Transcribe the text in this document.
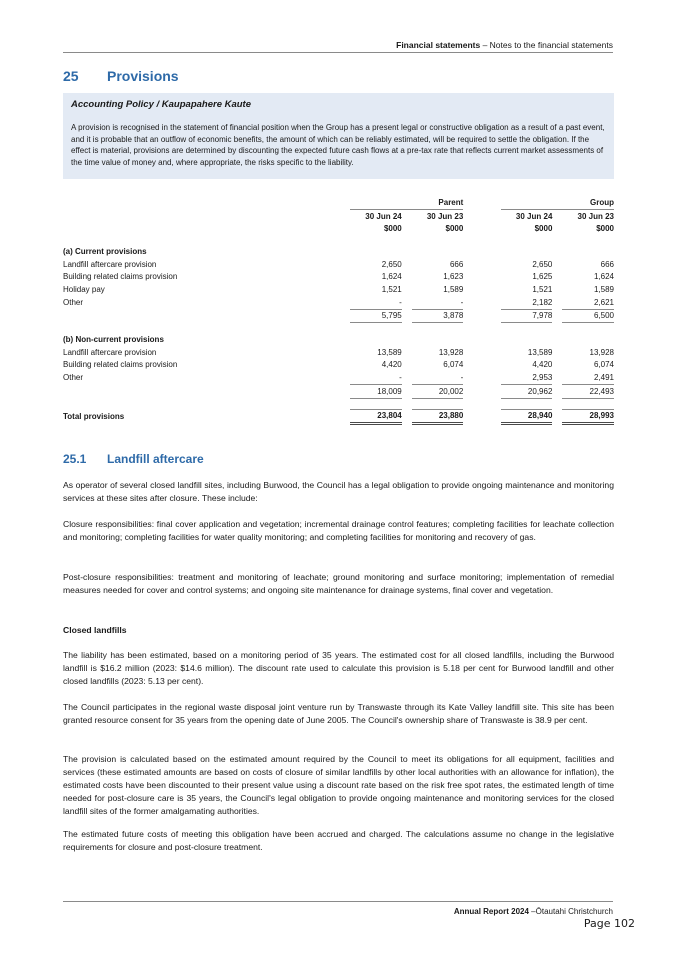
Financial statements – Notes to the financial statements
25 Provisions
Accounting Policy / Kaupapahere Kaute
A provision is recognised in the statement of financial position when the Group has a present legal or constructive obligation as a result of a past event, and it is probable that an outflow of economic benefits, the amount of which can be reliably estimated, will be required to settle the obligation. If the effect is material, provisions are determined by discounting the expected future cash flows at a pre-tax rate that reflects current market assessments of the time value of money and, where appropriate, the risks specific to the liability.
			Parent				Group
	30 Jun 24		30 Jun 23		30 Jun 24		30 Jun 23
	$000		$000		$000		$000

(a) Current provisions							
Landfill aftercare provision	2,650		666		2,650		666
Building related claims provision	1,624		1,623		1,625		1,624
Holiday pay	1,521		1,589		1,521		1,589
Other	-		-		2,182		2,621
	5,795		3,878		7,978		6,500

(b) Non-current provisions							
Landfill aftercare provision	13,589		13,928		13,589		13,928
Building related claims provision	4,420		6,074		4,420		6,074
Other	-		-		2,953		2,491
	18,009		20,002		20,962		22,493

Total provisions	23,804		23,880		28,940		28,993
25.1 Landfill aftercare
As operator of several closed landfill sites, including Burwood, the Council has a legal obligation to provide ongoing maintenance and monitoring services at these sites after closure. These include:
Closure responsibilities: final cover application and vegetation; incremental drainage control features; completing facilities for leachate collection and monitoring; completing facilities for water quality monitoring; and completing facilities for monitoring and recovery of gas.
Post-closure responsibilities: treatment and monitoring of leachate; ground monitoring and surface monitoring; implementation of remedial measures needed for cover and control systems; and ongoing site maintenance for drainage systems, final cover and vegetation.
Closed landfills
The liability has been estimated, based on a monitoring period of 35 years. The estimated cost for all closed landfills, including the Burwood landfill is $16.2 million (2023: $14.6 million). The discount rate used to calculate this provision is 5.18 per cent for Burwood landfill and other closed landfills (2023: 5.13 per cent).
The Council participates in the regional waste disposal joint venture run by Transwaste through its Kate Valley landfill site. This site has been granted resource consent for 35 years from the opening date of June 2005. The Council's ownership share of Transwaste is 38.9 per cent.
The provision is calculated based on the estimated amount required by the Council to meet its obligations for all equipment, facilities and services (these estimated amounts are based on costs of closure of similar landfills by other local authorities with an allowance for inflation), the estimated costs have been discounted to their present value using a discount rate based on the risk free spot rates, the estimated length of time needed for post-closure care is 35 years, the Council's legal obligation to provide ongoing maintenance and monitoring services for the closed landfill sites of the former amalgamating authorities.
The estimated future costs of meeting this obligation have been accrued and charged. The calculations assume no change in the legislative requirements for closure and post-closure treatment.
Annual Report 2024 –Ōtautahi Christchurch
Page 102
